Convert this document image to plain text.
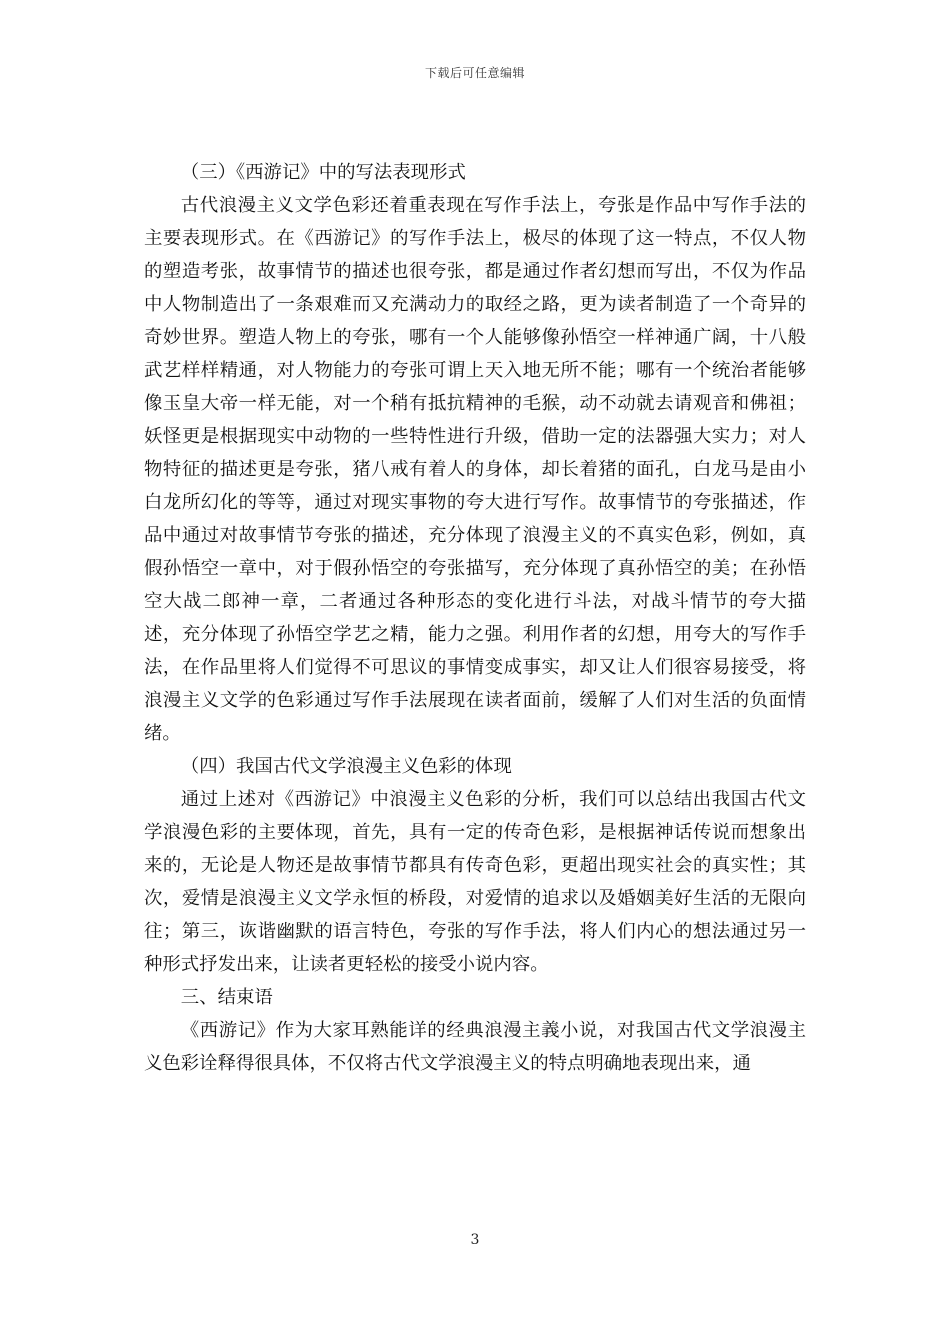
下载后可任意编辑

（三）《西游记》中的写法表现形式

古代浪漫主义文学色彩还着重表现在写作手法上，夸张是作品中写作手法的主要表现形式。在《西游记》的写作手法上，极尽的体现了这一特点，不仅人物的塑造考张，故事情节的描述也很夸张，都是通过作者幻想而写出，不仅为作品中人物制造出了一条艰难而又充满动力的取经之路，更为读者制造了一个奇异的奇妙世界。塑造人物上的夸张，哪有一个人能够像孙悟空一样神通广阔，十八般武艺样样精通，对人物能力的夸张可谓上天入地无所不能；哪有一个统治者能够像玉皇大帝一样无能，对一个稍有抵抗精神的毛猴，动不动就去请观音和佛祖；妖怪更是根据现实中动物的一些特性进行升级，借助一定的法器强大实力；对人物特征的描述更是夸张，猪八戒有着人的身体，却长着猪的面孔，白龙马是由小白龙所幻化的等等，通过对现实事物的夸大进行写作。故事情节的夸张描述，作品中通过对故事情节夸张的描述，充分体现了浪漫主义的不真实色彩，例如，真假孙悟空一章中，对于假孙悟空的夸张描写，充分体现了真孙悟空的美；在孙悟空大战二郎神一章，二者通过各种形态的变化进行斗法，对战斗情节的夸大描述，充分体现了孙悟空学艺之精，能力之强。利用作者的幻想，用夸大的写作手法，在作品里将人们觉得不可思议的事情变成事实，却又让人们很容易接受，将浪漫主义文学的色彩通过写作手法展现在读者面前，缓解了人们对生活的负面情绪。

（四）我国古代文学浪漫主义色彩的体现

通过上述对《西游记》中浪漫主义色彩的分析，我们可以总结出我国古代文学浪漫色彩的主要体现，首先，具有一定的传奇色彩，是根据神话传说而想象出来的，无论是人物还是故事情节都具有传奇色彩，更超出现实社会的真实性；其次，爱情是浪漫主义文学永恒的桥段，对爱情的追求以及婚姻美好生活的无限向往；第三，诙谐幽默的语言特色，夸张的写作手法，将人们内心的想法通过另一种形式抒发出来，让读者更轻松的接受小说内容。

三、结束语

《西游记》作为大家耳熟能详的经典浪漫主義小说，对我国古代文学浪漫主义色彩诠释得很具体，不仅将古代文学浪漫主义的特点明确地表现出来，通

3
